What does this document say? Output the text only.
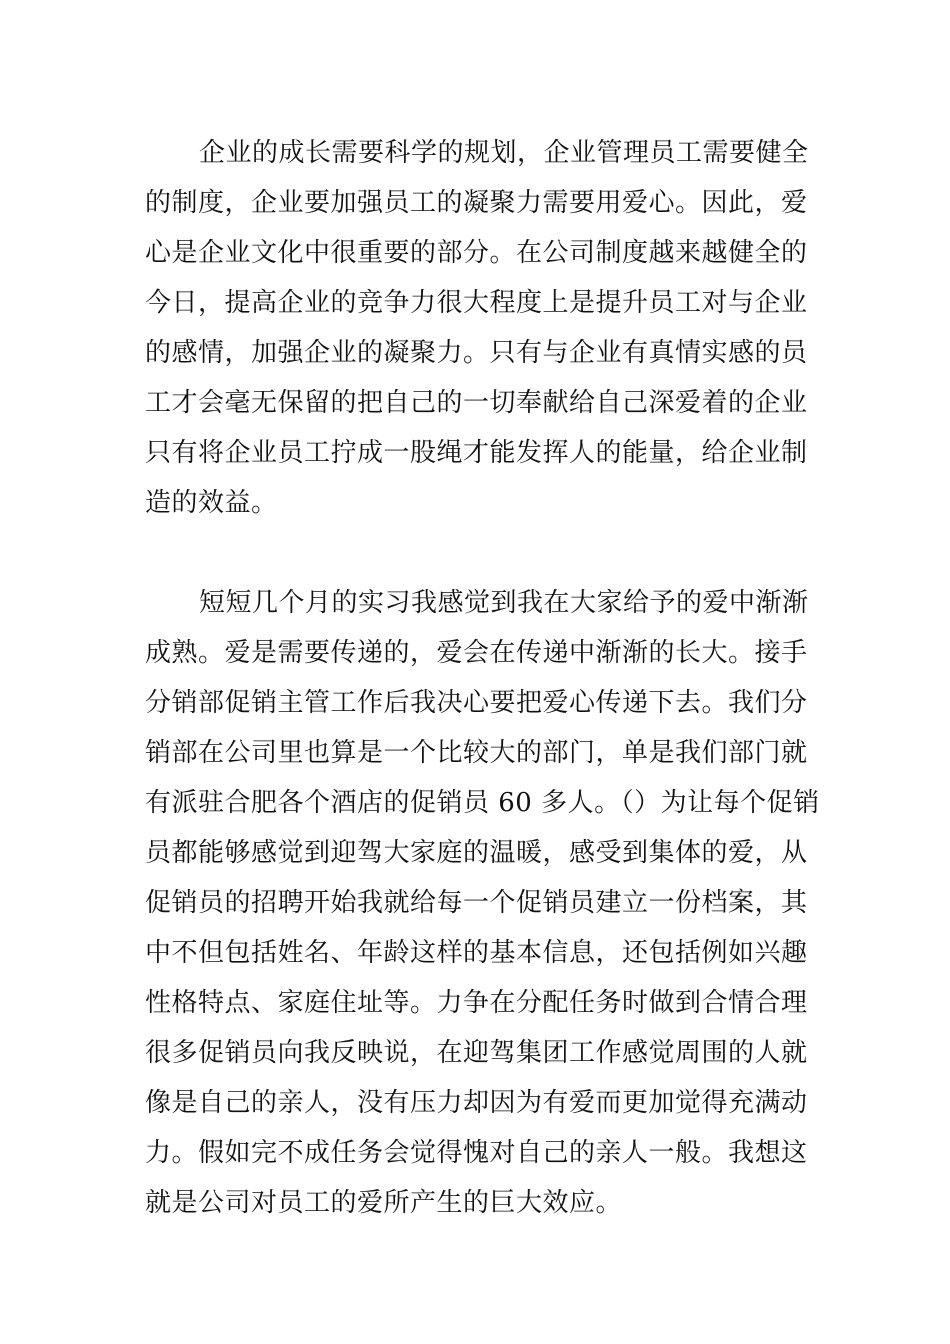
企业的成长需要科学的规划，企业管理员工需要健全
的制度，企业要加强员工的凝聚力需要用爱心。因此，爱
心是企业文化中很重要的部分。在公司制度越来越健全的
今日，提高企业的竞争力很大程度上是提升员工对与企业
的感情，加强企业的凝聚力。只有与企业有真情实感的员
工才会毫无保留的把自己的一切奉献给自己深爱着的企业
只有将企业员工拧成一股绳才能发挥人的能量，给企业制
造的效益。
短短几个月的实习我感觉到我在大家给予的爱中渐渐
成熟。爱是需要传递的，爱会在传递中渐渐的长大。接手
分销部促销主管工作后我决心要把爱心传递下去。我们分
销部在公司里也算是一个比较大的部门，单是我们部门就
有派驻合肥各个酒店的促销员 60 多人。（）为让每个促销
员都能够感觉到迎驾大家庭的温暖，感受到集体的爱，从
促销员的招聘开始我就给每一个促销员建立一份档案，其
中不但包括姓名、年龄这样的基本信息，还包括例如兴趣
性格特点、家庭住址等。力争在分配任务时做到合情合理
很多促销员向我反映说，在迎驾集团工作感觉周围的人就
像是自己的亲人，没有压力却因为有爱而更加觉得充满动
力。假如完不成任务会觉得愧对自己的亲人一般。我想这
就是公司对员工的爱所产生的巨大效应。
